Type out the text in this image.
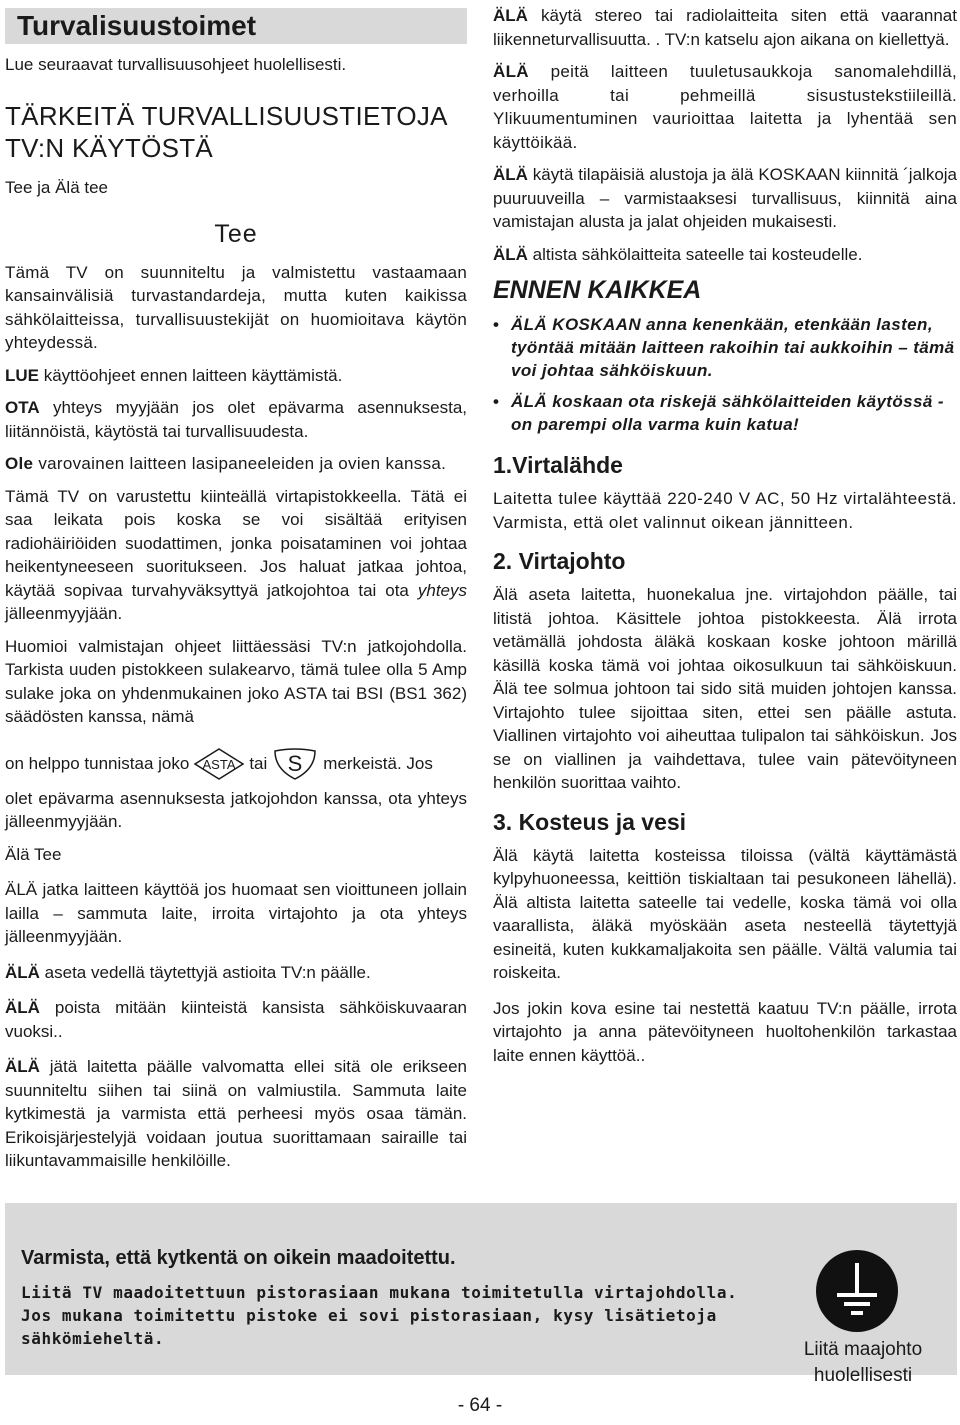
Turvalisuustoimet

Lue seuraavat turvallisuusohjeet huolellisesti.

TÄRKEITÄ TURVALLISUUSTIETOJA TV:N KÄYTÖSTÄ

Tee ja Älä tee

Tee

Tämä TV on suunniteltu ja valmistettu vastaamaan kansainvälisiä turvastandardeja, mutta kuten kaikissa sähkölaitteissa, turvallisuustekijät on huomioitava käytön yhteydessä.

LUE käyttöohjeet ennen laitteen käyttämistä.

OTA yhteys myyjään jos olet epävarma asennuksesta, liitännöistä, käytöstä tai turvallisuudesta.

Ole varovainen laitteen lasipaneeleiden ja ovien kanssa.

Tämä TV on varustettu kiinteällä virtapistokkeella. Tätä ei saa leikata pois koska se voi sisältää erityisen radiohäiriöiden suodattimen, jonka poisataminen voi johtaa heikentyneeseen suoritukseen. Jos haluat jatkaa johtoa, käytää sopivaa turvahyväksyttyä jatkojohtoa tai ota yhteys jälleenmyyjään.

Huomioi valmistajan ohjeet liittäessäsi TV:n jatkojohdolla. Tarkista uuden pistokkeen sulakearvo, tämä tulee olla 5 Amp sulake joka on yhdenmukainen joko ASTA tai BSI (BS1 362) säädösten kanssa, nämä

on helppo tunnistaa joko ASTA tai S merkeistä. Jos

olet epävarma asennuksesta jatkojohdon kanssa, ota yhteys jälleenmyyjään.

Älä Tee

ÄLÄ jatka laitteen käyttöä jos huomaat sen vioittuneen jollain lailla – sammuta laite, irroita virtajohto ja ota yhteys jälleenmyyjään.

ÄLÄ aseta vedellä täytettyjä astioita TV:n päälle.

ÄLÄ poista mitään kiinteistä kansista sähköiskuvaaran vuoksi..

ÄLÄ jätä laitetta päälle valvomatta ellei sitä ole erikseen suunniteltu siihen tai siinä on valmiustila. Sammuta laite kytkimestä ja varmista että perheesi myös osaa tämän. Erikoisjärjestelyjä voidaan joutua suorittamaan sairaille tai liikuntavammaisille henkilöille.

ÄLÄ käytä stereo tai radiolaitteita siten että vaarannat liikenneturvallisuutta. . TV:n katselu ajon aikana on kiellettyä.

ÄLÄ peitä laitteen tuuletusaukkoja sanomalehdillä, verhoilla tai pehmeillä sisustustekstiileillä. Ylikuumentuminen vaurioittaa laitetta ja lyhentää sen käyttöikää.

ÄLÄ käytä tilapäisiä alustoja ja älä KOSKAAN kiinnitä ´jalkoja puuruuveilla – varmistaaksesi turvallisuus, kiinnitä aina vamistajan alusta ja jalat ohjeiden mukaisesti.

ÄLÄ altista sähkölaitteita sateelle tai kosteudelle.

ENNEN KAIKKEA
• ÄLÄ KOSKAAN anna kenenkään, etenkään lasten, työntää mitään laitteen rakoihin tai aukkoihin – tämä voi johtaa sähköiskuun.
• ÄLÄ koskaan ota riskejä sähkölaitteiden käytössä - on parempi olla varma kuin katua!
1.Virtalähde

Laitetta tulee käyttää 220-240 V AC, 50 Hz virtalähteestä. Varmista, että olet valinnut oikean jännitteen.

2. Virtajohto

Älä aseta laitetta, huonekalua jne. virtajohdon päälle, tai litistä johtoa. Käsittele johtoa pistokkeesta. Älä irrota vetämällä johdosta äläkä koskaan koske johtoon märillä käsillä koska tämä voi johtaa oikosulkuun tai sähköiskuun. Älä tee solmua johtoon tai sido sitä muiden johtojen kanssa. Virtajohto tulee sijoittaa siten, ettei sen päälle astuta. Viallinen virtajohto voi aiheuttaa tulipalon tai sähköiskun. Jos se on viallinen ja vaihdettava, tulee vain pätevöityneen henkilön suorittaa vaihto.

3. Kosteus ja vesi

Älä käytä laitetta kosteissa tiloissa (vältä käyttämästä kylpyhuoneessa, keittiön tiskialtaan tai pesukoneen lähellä). Älä altista laitetta sateelle tai vedelle, koska tämä voi olla vaarallista, äläkä myöskään aseta nesteellä täytettyjä esineitä, kuten kukkamaljakoita sen päälle. Vältä valumia tai roiskeita.

Jos jokin kova esine tai nestettä kaatuu TV:n päälle, irrota virtajohto ja anna pätevöityneen huoltohenkilön tarkastaa laite ennen käyttöä..

Varmista, että kytkentä on oikein maadoitettu.
Liitä TV maadoitettuun pistorasiaan mukana toimitetulla virtajohdolla. Jos mukana toimitettu pistoke ei sovi pistorasiaan, kysy lisätietoja sähkömieheltä.
Liitä maajohto
huolellisesti
- 64 -
